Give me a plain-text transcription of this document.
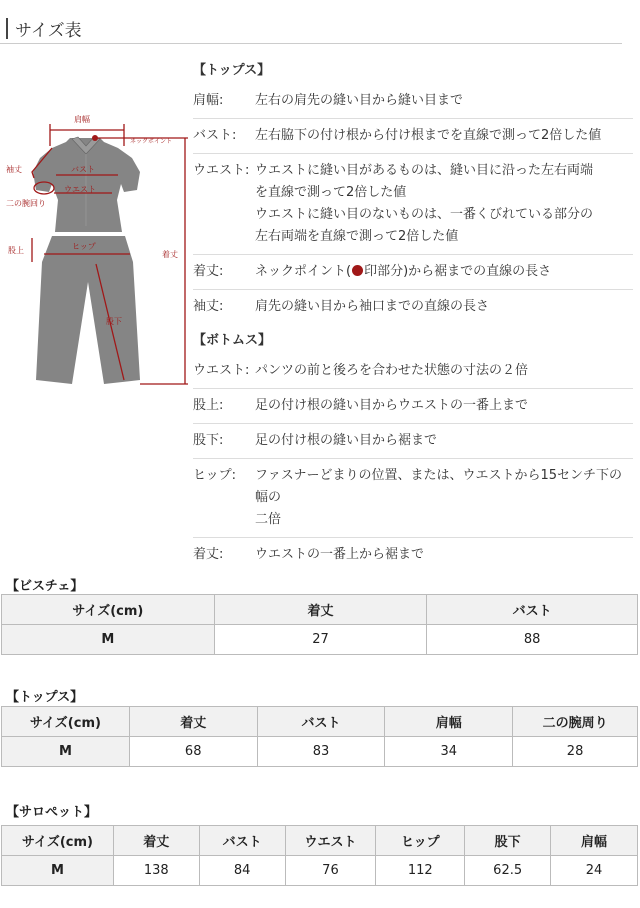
サイズ表
肩幅
ネックポイント
袖丈	バスト
ウエスト
二の腕回り
股上	ヒップ
股下
着丈
【トップス】
肩幅:	左右の肩先の縫い目から縫い目まで
バスト:	左右脇下の付け根から付け根までを直線で測って2倍した値
ウエスト: ウエストに縫い目があるものは、縫い目に沿った左右両端
を直線で測って2倍した値
ウエストに縫い目のないものは、一番くびれている部分の
左右両端を直線で測って2倍した値
着丈:	ネックポイント( 印部分)から裾までの直線の長さ
袖丈:	肩先の縫い目から袖口までの直線の長さ
【ボトムス】
ウエスト: パンツの前と後ろを合わせた状態の寸法の２倍
股上:	足の付け根の縫い目からウエストの一番上まで
股下:	足の付け根の縫い目から裾まで
ヒップ:	ファスナーどまりの位置、または、ウエストから15センチ下の幅の
二倍
着丈:	ウエストの一番上から裾まで
【ビスチェ】
サイズ(cm)	着丈	バスト
M	27	88
【トップス】
サイズ(cm)	着丈	バスト	肩幅	二の腕周り
M	68	83	34	28
【サロペット】
サイズ(cm)	着丈	バスト	ウエスト	ヒップ	股下	肩幅
M	138	84	76	112	62.5	24
